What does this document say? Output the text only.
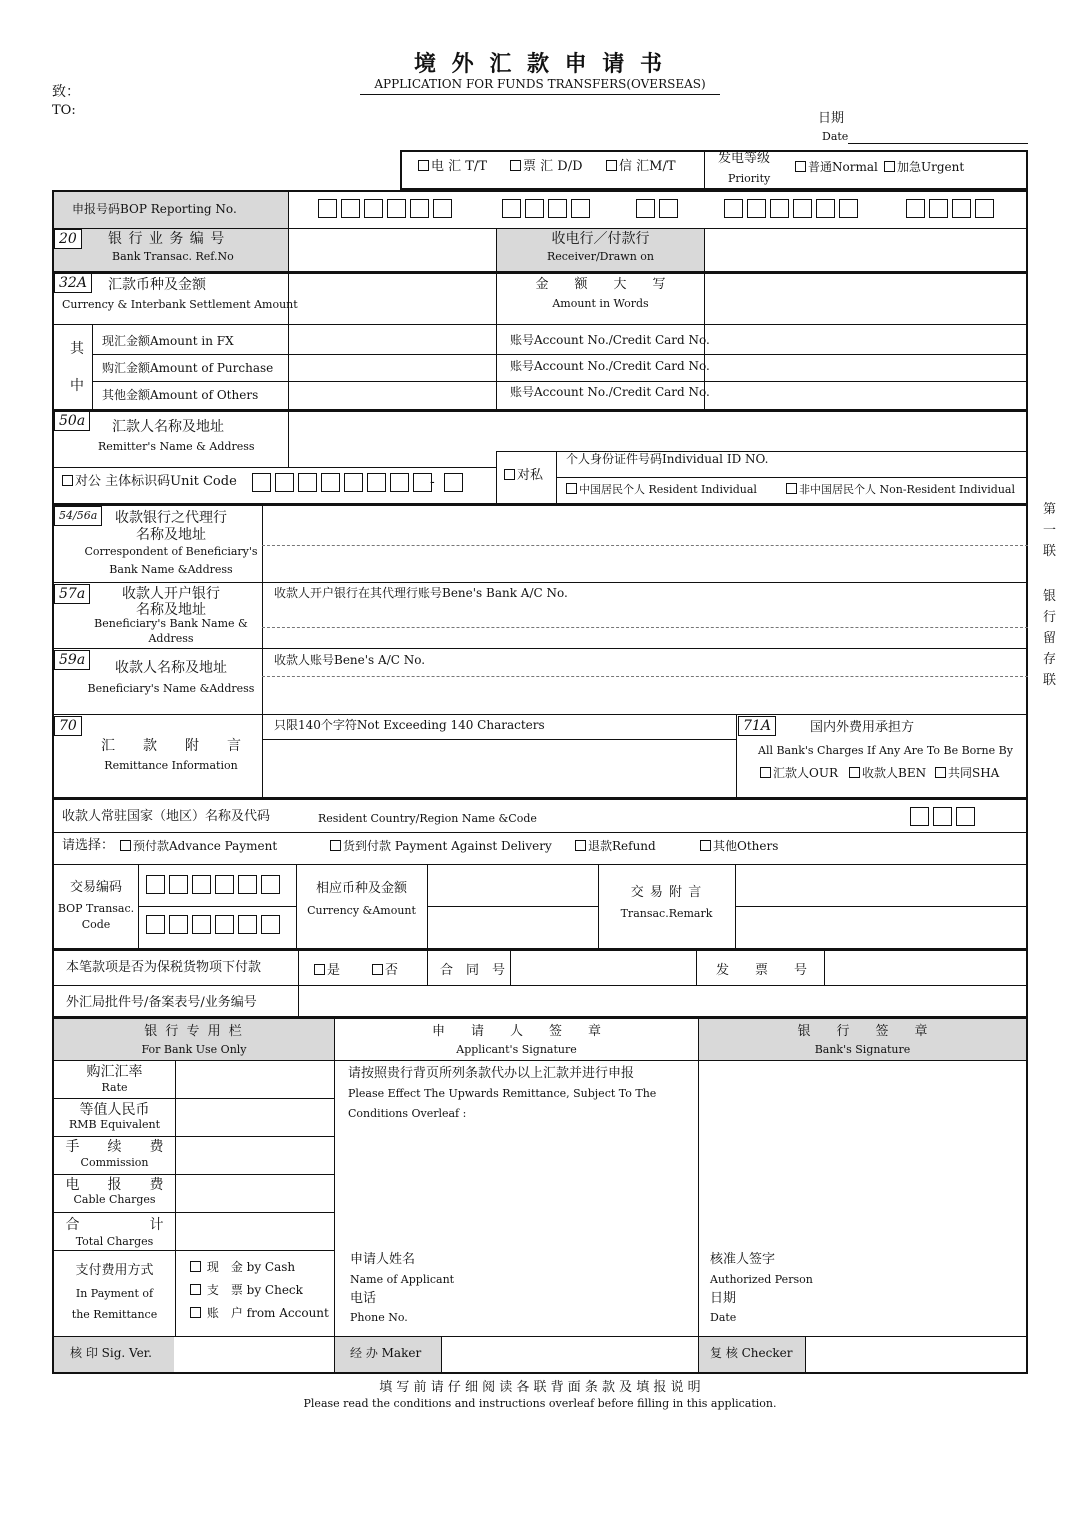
境 外 汇 款 申 请 书
APPLICATION FOR FUNDS TRANSFERS(OVERSEAS)
致：
TO:
日期
Date
电 汇 T/T	票 汇 D/D	信 汇M/T
发电等级
Priority
普通Normal	加急Urgent
申报号码BOP Reporting No.
20	银 行 业 务 编 号
Bank Transac. Ref.No
收电行／付款行
Receiver/Drawn on
32A	汇款币种及金额
Currency & Interbank Settlement Amount
金　　额　　大　　写
Amount in Words
其
中
现汇金额Amount in FX
购汇金额Amount of Purchase
其他金额Amount of Others
账号Account No./Credit Card No.
账号Account No./Credit Card No.
账号Account No./Credit Card No.
50a	汇款人名称及地址
Remitter's Name & Address
对公 主体标识码Unit Code	-	对私
个人身份证件号码Individual ID NO.
中国居民个人 Resident Individual	非中国居民个人 Non-Resident Individual
54/56a	收款银行之代理行
名称及地址
Correspondent of Beneficiary's
Bank Name &Address
57a	收款人开户银行
名称及地址
Beneficiary's Bank Name &
Address
收款人开户银行在其代理行账号Bene's Bank A/C No.
59a	收款人名称及地址
Beneficiary's Name &Address
收款人账号Bene's A/C No.
70
汇　　款　　附　　言
Remittance Information
只限140个字符Not Exceeding 140 Characters	71A	国内外费用承担方
All Bank's Charges If Any Are To Be Borne By
汇款人OUR	收款人BEN	共同SHA
收款人常驻国家（地区）名称及代码	Resident Country/Region Name &Code
请选择：	预付款Advance Payment	货到付款 Payment Against Delivery	退款Refund	其他Others
交易编码
BOP Transac.
Code
相应币种及金额
Currency &Amount
交 易 附 言
Transac.Remark
本笔款项是否为保税货物项下付款	是	否	合　同　号	发　　票　　号
外汇局批件号/备案表号/业务编号
银 行 专 用 栏
For Bank Use Only
申　　请　　人　　签　　章
Applicant's Signature
银　　行　　签　　章
Bank's Signature
购汇汇率
Rate
等值人民币
RMB Equivalent
手　　续　　费
Commission
电　　报　　费
Cable Charges
合　　　　　计
Total Charges
支付费用方式
In Payment of
the Remittance
现　金 by Cash
支　票 by Check
账　户 from Account
请按照贵行背页所列条款代办以上汇款并进行申报
Please Effect The Upwards Remittance, Subject To The
Conditions Overleaf :
申请人姓名
Name of Applicant
电话
Phone No.
核准人签字
Authorized Person
日期
Date
核 印 Sig. Ver.	经 办 Maker	复 核 Checker
第
一
联
银
行
留
存
联
填 写 前 请 仔 细 阅 读 各 联 背 面 条 款 及 填 报 说 明
Please read the conditions and instructions overleaf before filling in this application.
